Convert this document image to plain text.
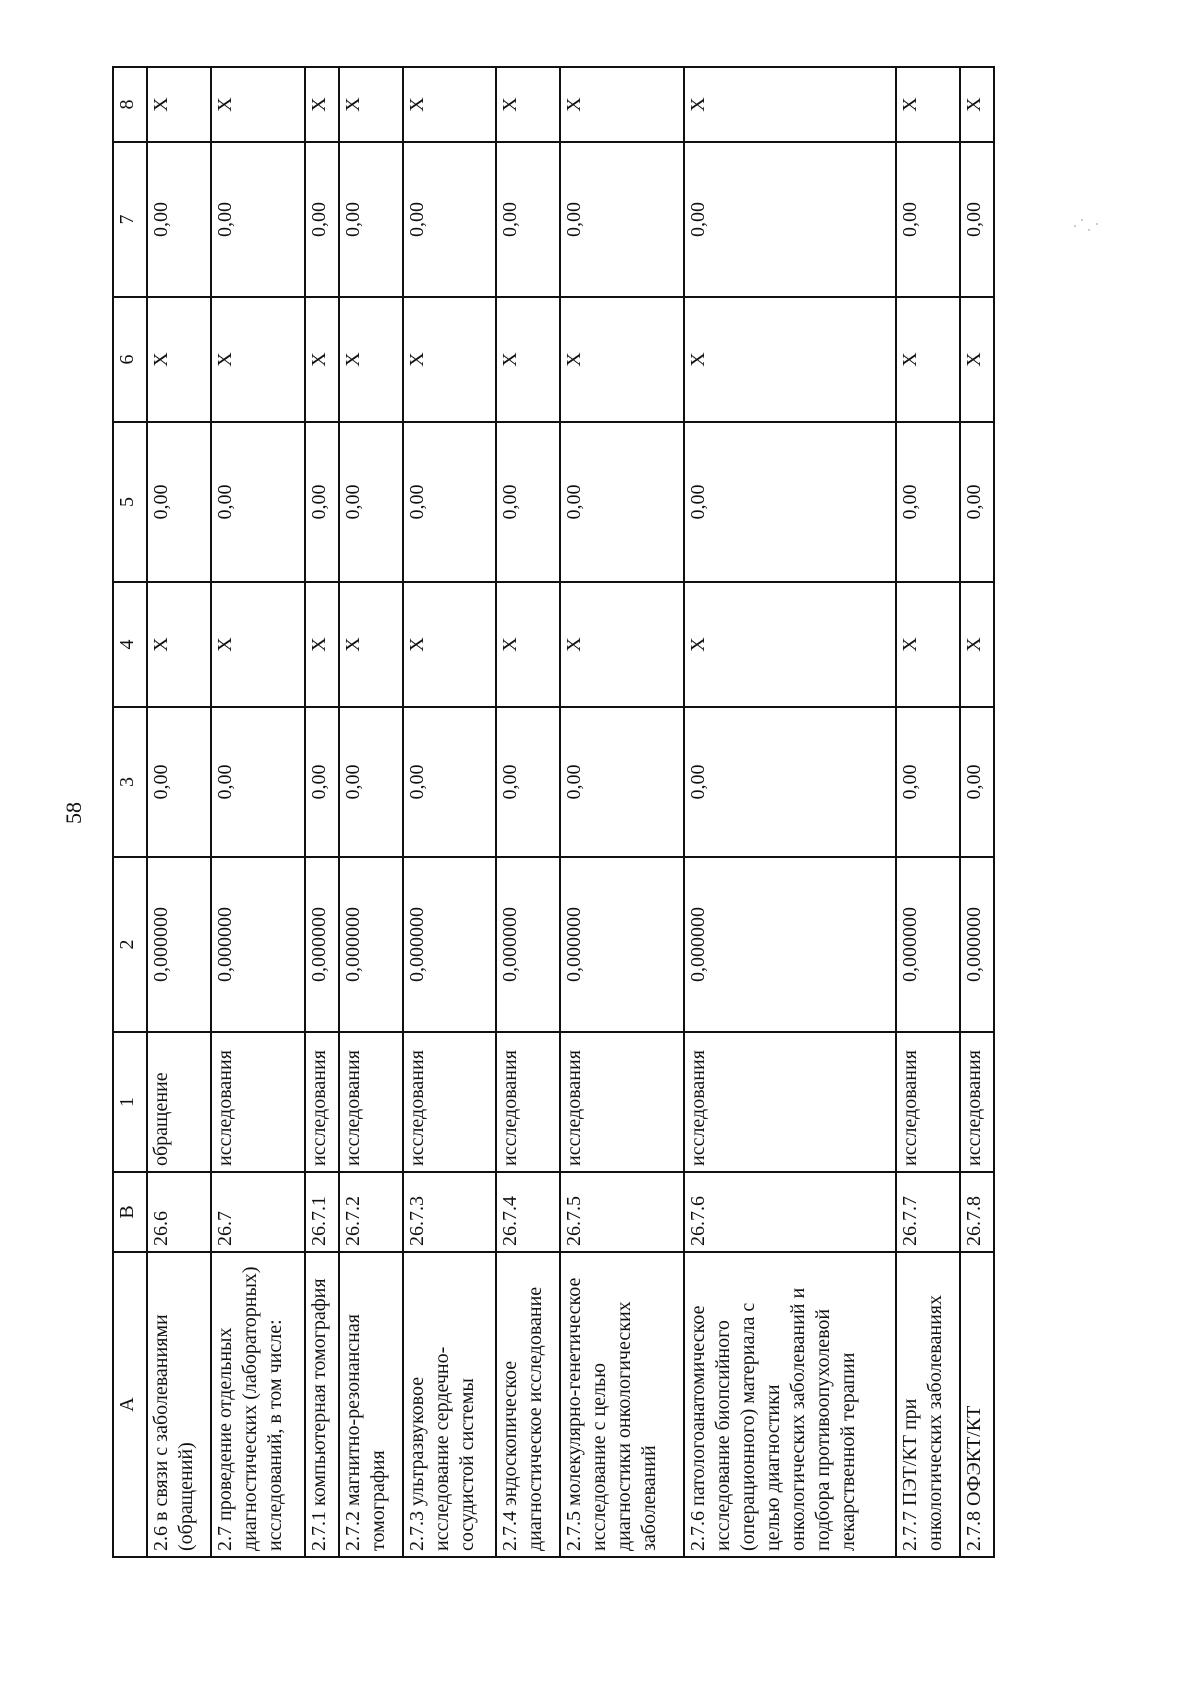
58
A	B	1	2	3	4	5	6	7	8
2.6 в связи с заболеваниями (обращений)	26.6	обращение	0,000000	0,00	Х	0,00	Х	0,00	Х
2.7 проведение отдельных диагностических (лабораторных) исследований, в том числе:	26.7	исследования	0,000000	0,00	Х	0,00	Х	0,00	Х
2.7.1 компьютерная томография	26.7.1	исследования	0,000000	0,00	Х	0,00	Х	0,00	Х
2.7.2 магнитно-резонансная томография	26.7.2	исследования	0,000000	0,00	Х	0,00	Х	0,00	Х
2.7.3 ультразвуковое исследование сердечно-сосудистой системы	26.7.3	исследования	0,000000	0,00	Х	0,00	Х	0,00	Х
2.7.4 эндоскопическое диагностическое исследование	26.7.4	исследования	0,000000	0,00	Х	0,00	Х	0,00	Х
2.7.5 молекулярно-генетическое исследование с целью диагностики онкологических заболеваний	26.7.5	исследования	0,000000	0,00	Х	0,00	Х	0,00	Х
2.7.6 патологоанатомическое исследование биопсийного (операционного) материала с целью диагностики онкологических заболеваний и подбора противоопухолевой лекарственной терапии	26.7.6	исследования	0,000000	0,00	Х	0,00	Х	0,00	Х
2.7.7 ПЭТ/КТ при онкологических заболеваниях	26.7.7	исследования	0,000000	0,00	Х	0,00	Х	0,00	Х
2.7.8 ОФЭКТ/КТ	26.7.8	исследования	0,000000	0,00	Х	0,00	Х	0,00	Х
